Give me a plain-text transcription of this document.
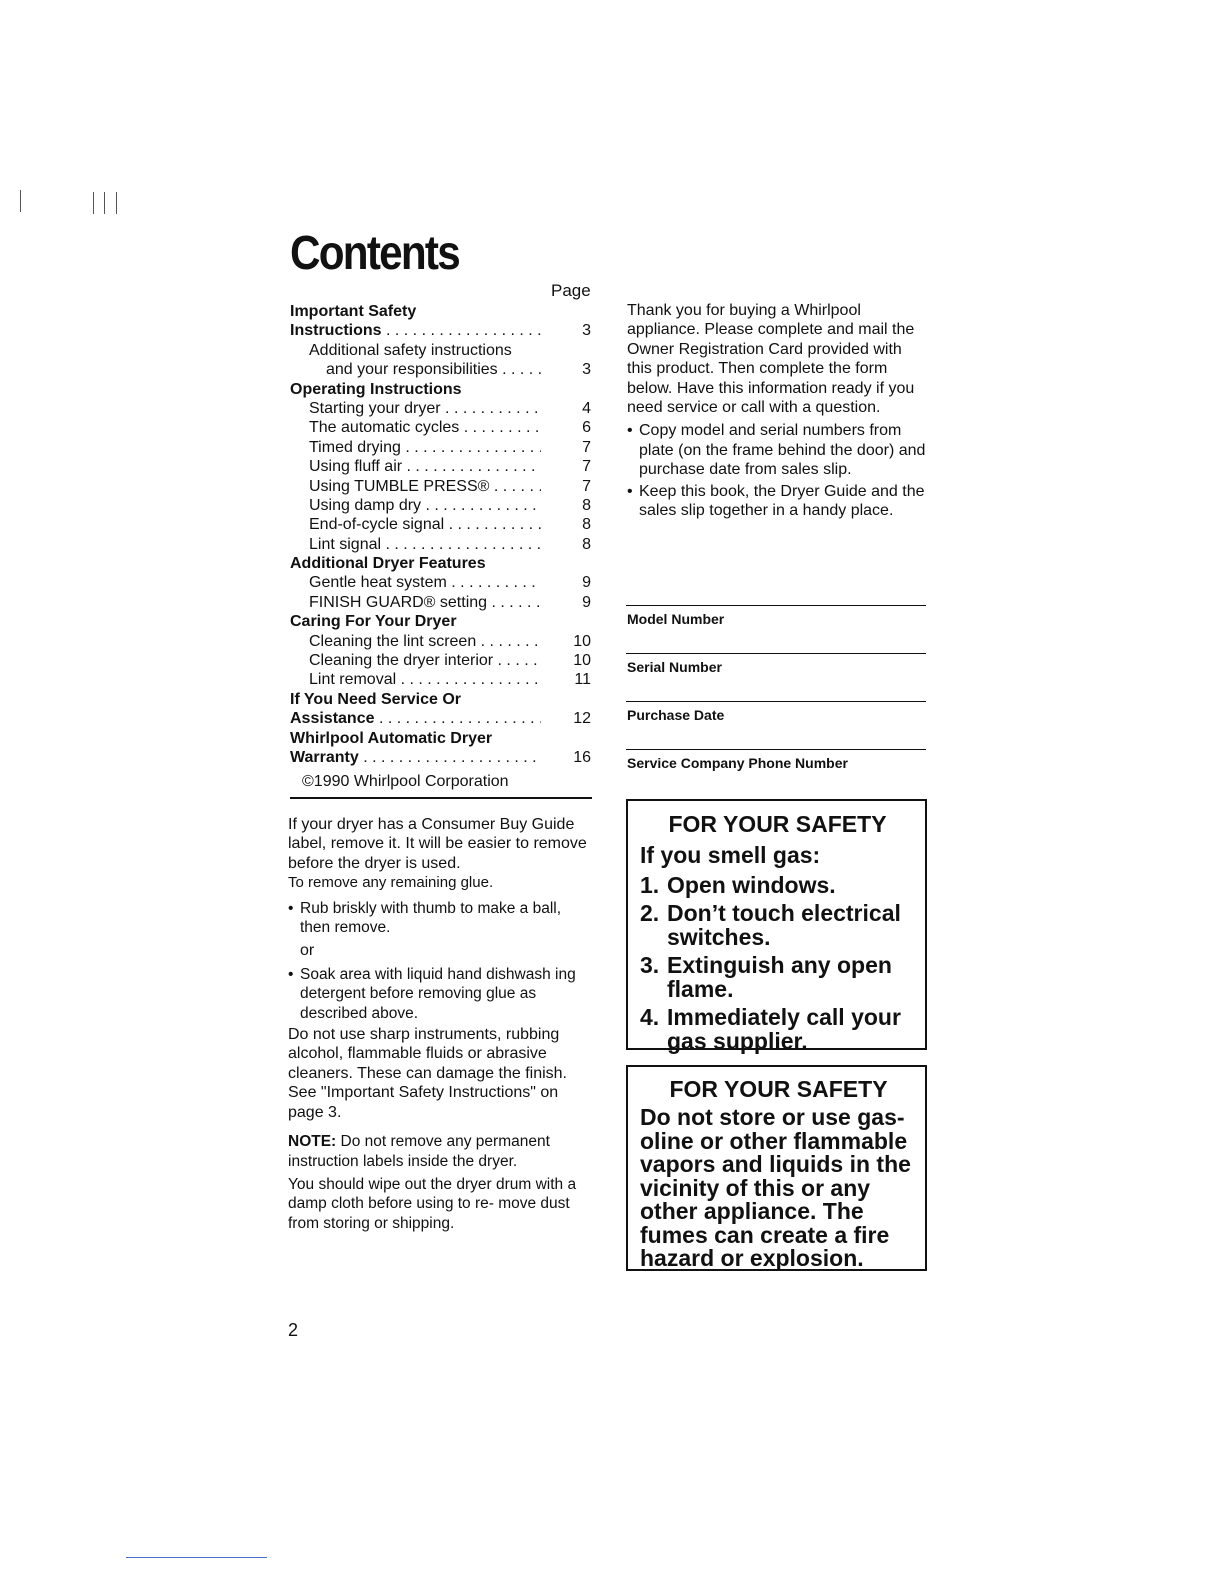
Contents
Page
Important Safety
Instructions . . .	3
Additional safety instructions
and your responsibilities . . .	3
Operating Instructions
Starting your dryer . . .	4
The automatic cycles . . .	6
Timed drying . . .	7
Using fluff air . . .	7
Using TUMBLE PRESS® . . .	7
Using damp dry . . .	8
End-of-cycle signal . . .	8
Lint signal . . .	8
Additional Dryer Features
Gentle heat system . . .	9
FINISH GUARD® setting . . .	9
Caring For Your Dryer
Cleaning the lint screen . . .	10
Cleaning the dryer interior . . .	10
Lint removal . . .	11
If You Need Service Or
Assistance . . .	12
Whirlpool Automatic Dryer
Warranty . . .	16
©1990 Whirlpool Corporation

If your dryer has a Consumer Buy Guide label, remove it. It will be easier to remove before the dryer is used.

To remove any remaining glue.

• Rub briskly with thumb to make a ball, then remove.

or

• Soak area with liquid hand dishwash ing detergent before removing glue as described above.

Do not use sharp instruments, rubbing alcohol, flammable fluids or abrasive cleaners. These can damage the finish. See "Important Safety Instructions" on page 3.

NOTE: Do not remove any permanent instruction labels inside the dryer.

You should wipe out the dryer drum with a damp cloth before using to re- move dust from storing or shipping.

Thank you for buying a Whirlpool appliance. Please complete and mail the Owner Registration Card provided with this product. Then complete the form below. Have this information ready if you need service or call with a question.

• Copy model and serial numbers from plate (on the frame behind the door) and purchase date from sales slip.

• Keep this book, the Dryer Guide and the sales slip together in a handy place.

Model Number
Serial Number
Purchase Date
Service Company Phone Number
FOR YOUR SAFETY
If you smell gas:
1. Open windows.
2. Don’t touch electrical switches.
3. Extinguish any open flame.
4. Immediately call your gas supplier.
FOR YOUR SAFETY
Do not store or use gas- oline or other flammable vapors and liquids in the vicinity of this or any other appliance. The fumes can create a fire hazard or explosion.
2
